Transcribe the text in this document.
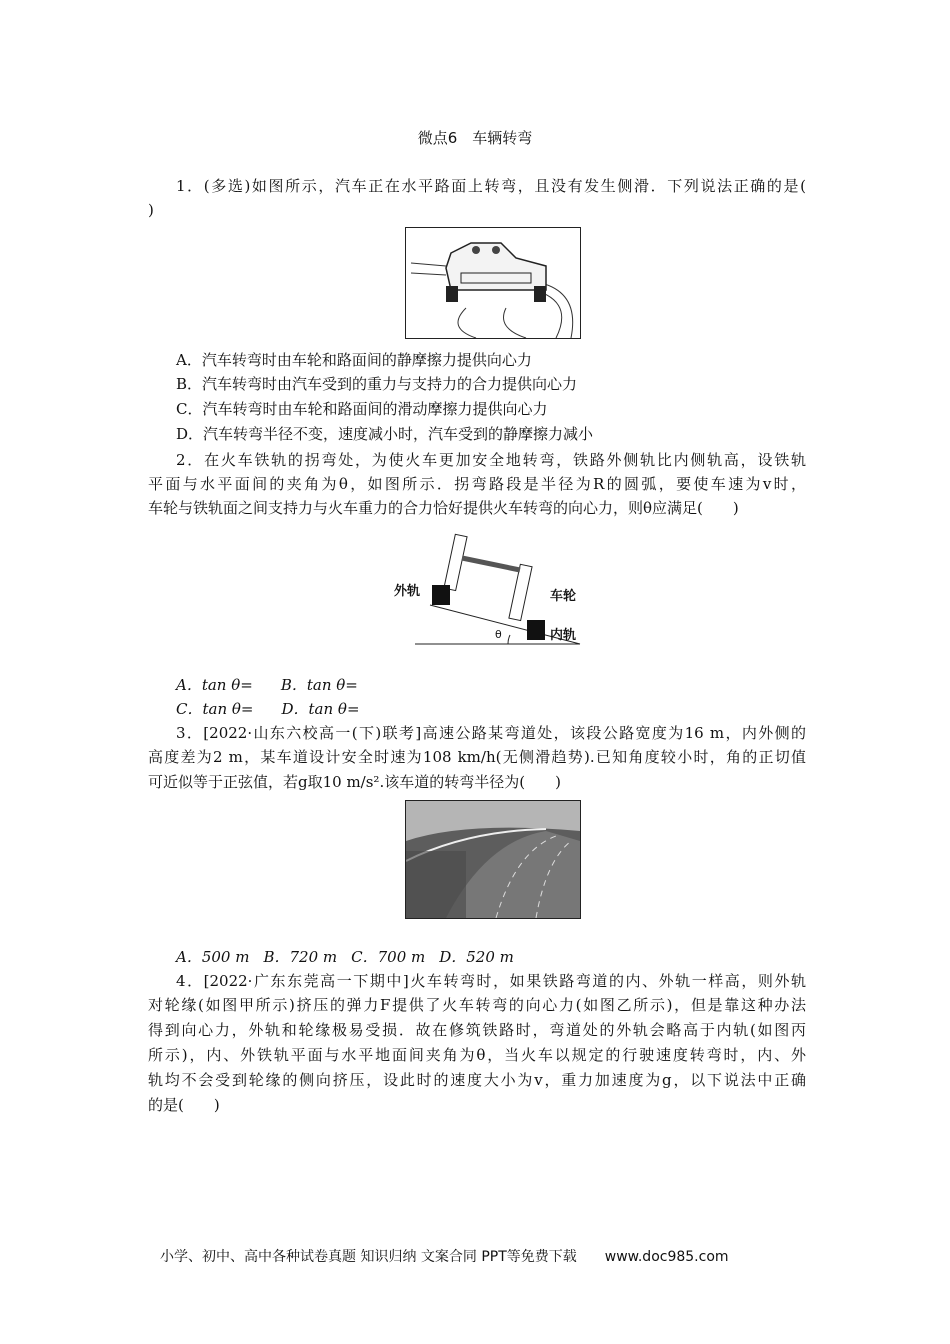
微点6　车辆转弯
1．(多选)如图所示，汽车正在水平路面上转弯，且没有发生侧滑．下列说法正确的是(
)
A．汽车转弯时由车轮和路面间的静摩擦力提供向心力
B．汽车转弯时由汽车受到的重力与支持力的合力提供向心力
C．汽车转弯时由车轮和路面间的滑动摩擦力提供向心力
D．汽车转弯半径不变，速度减小时，汽车受到的静摩擦力减小
2．在火车铁轨的拐弯处，为使火车更加安全地转弯，铁路外侧轨比内侧轨高，设铁轨
平面与水平面间的夹角为θ，如图所示．拐弯路段是半径为R的圆弧，要使车速为v时，
车轮与铁轨面之间支持力与火车重力的合力恰好提供火车转弯的向心力，则θ应满足(　　)
外轨	车轮
内轨
θ
A．tan θ= B．tan θ=
C．tan θ= D．tan θ=
3．[2022·山东六校高一(下)联考]高速公路某弯道处，该段公路宽度为16 m，内外侧的
高度差为2 m，某车道设计安全时速为108 km/h(无侧滑趋势).已知角度较小时，角的正切值
可近似等于正弦值，若g取10 m/s².该车道的转弯半径为(　　)
A．500 m B．720 m C．700 m D．520 m
4．[2022·广东东莞高一下期中]火车转弯时，如果铁路弯道的内、外轨一样高，则外轨
对轮缘(如图甲所示)挤压的弹力F提供了火车转弯的向心力(如图乙所示)，但是靠这种办法
得到向心力，外轨和轮缘极易受损．故在修筑铁路时，弯道处的外轨会略高于内轨(如图丙
所示)，内、外铁轨平面与水平地面间夹角为θ，当火车以规定的行驶速度转弯时，内、外
轨均不会受到轮缘的侧向挤压，设此时的速度大小为v，重力加速度为g，以下说法中正确
的是(　　)
小学、初中、高中各种试卷真题 知识归纳 文案合同 PPT等免费下载　　www.doc985.com
